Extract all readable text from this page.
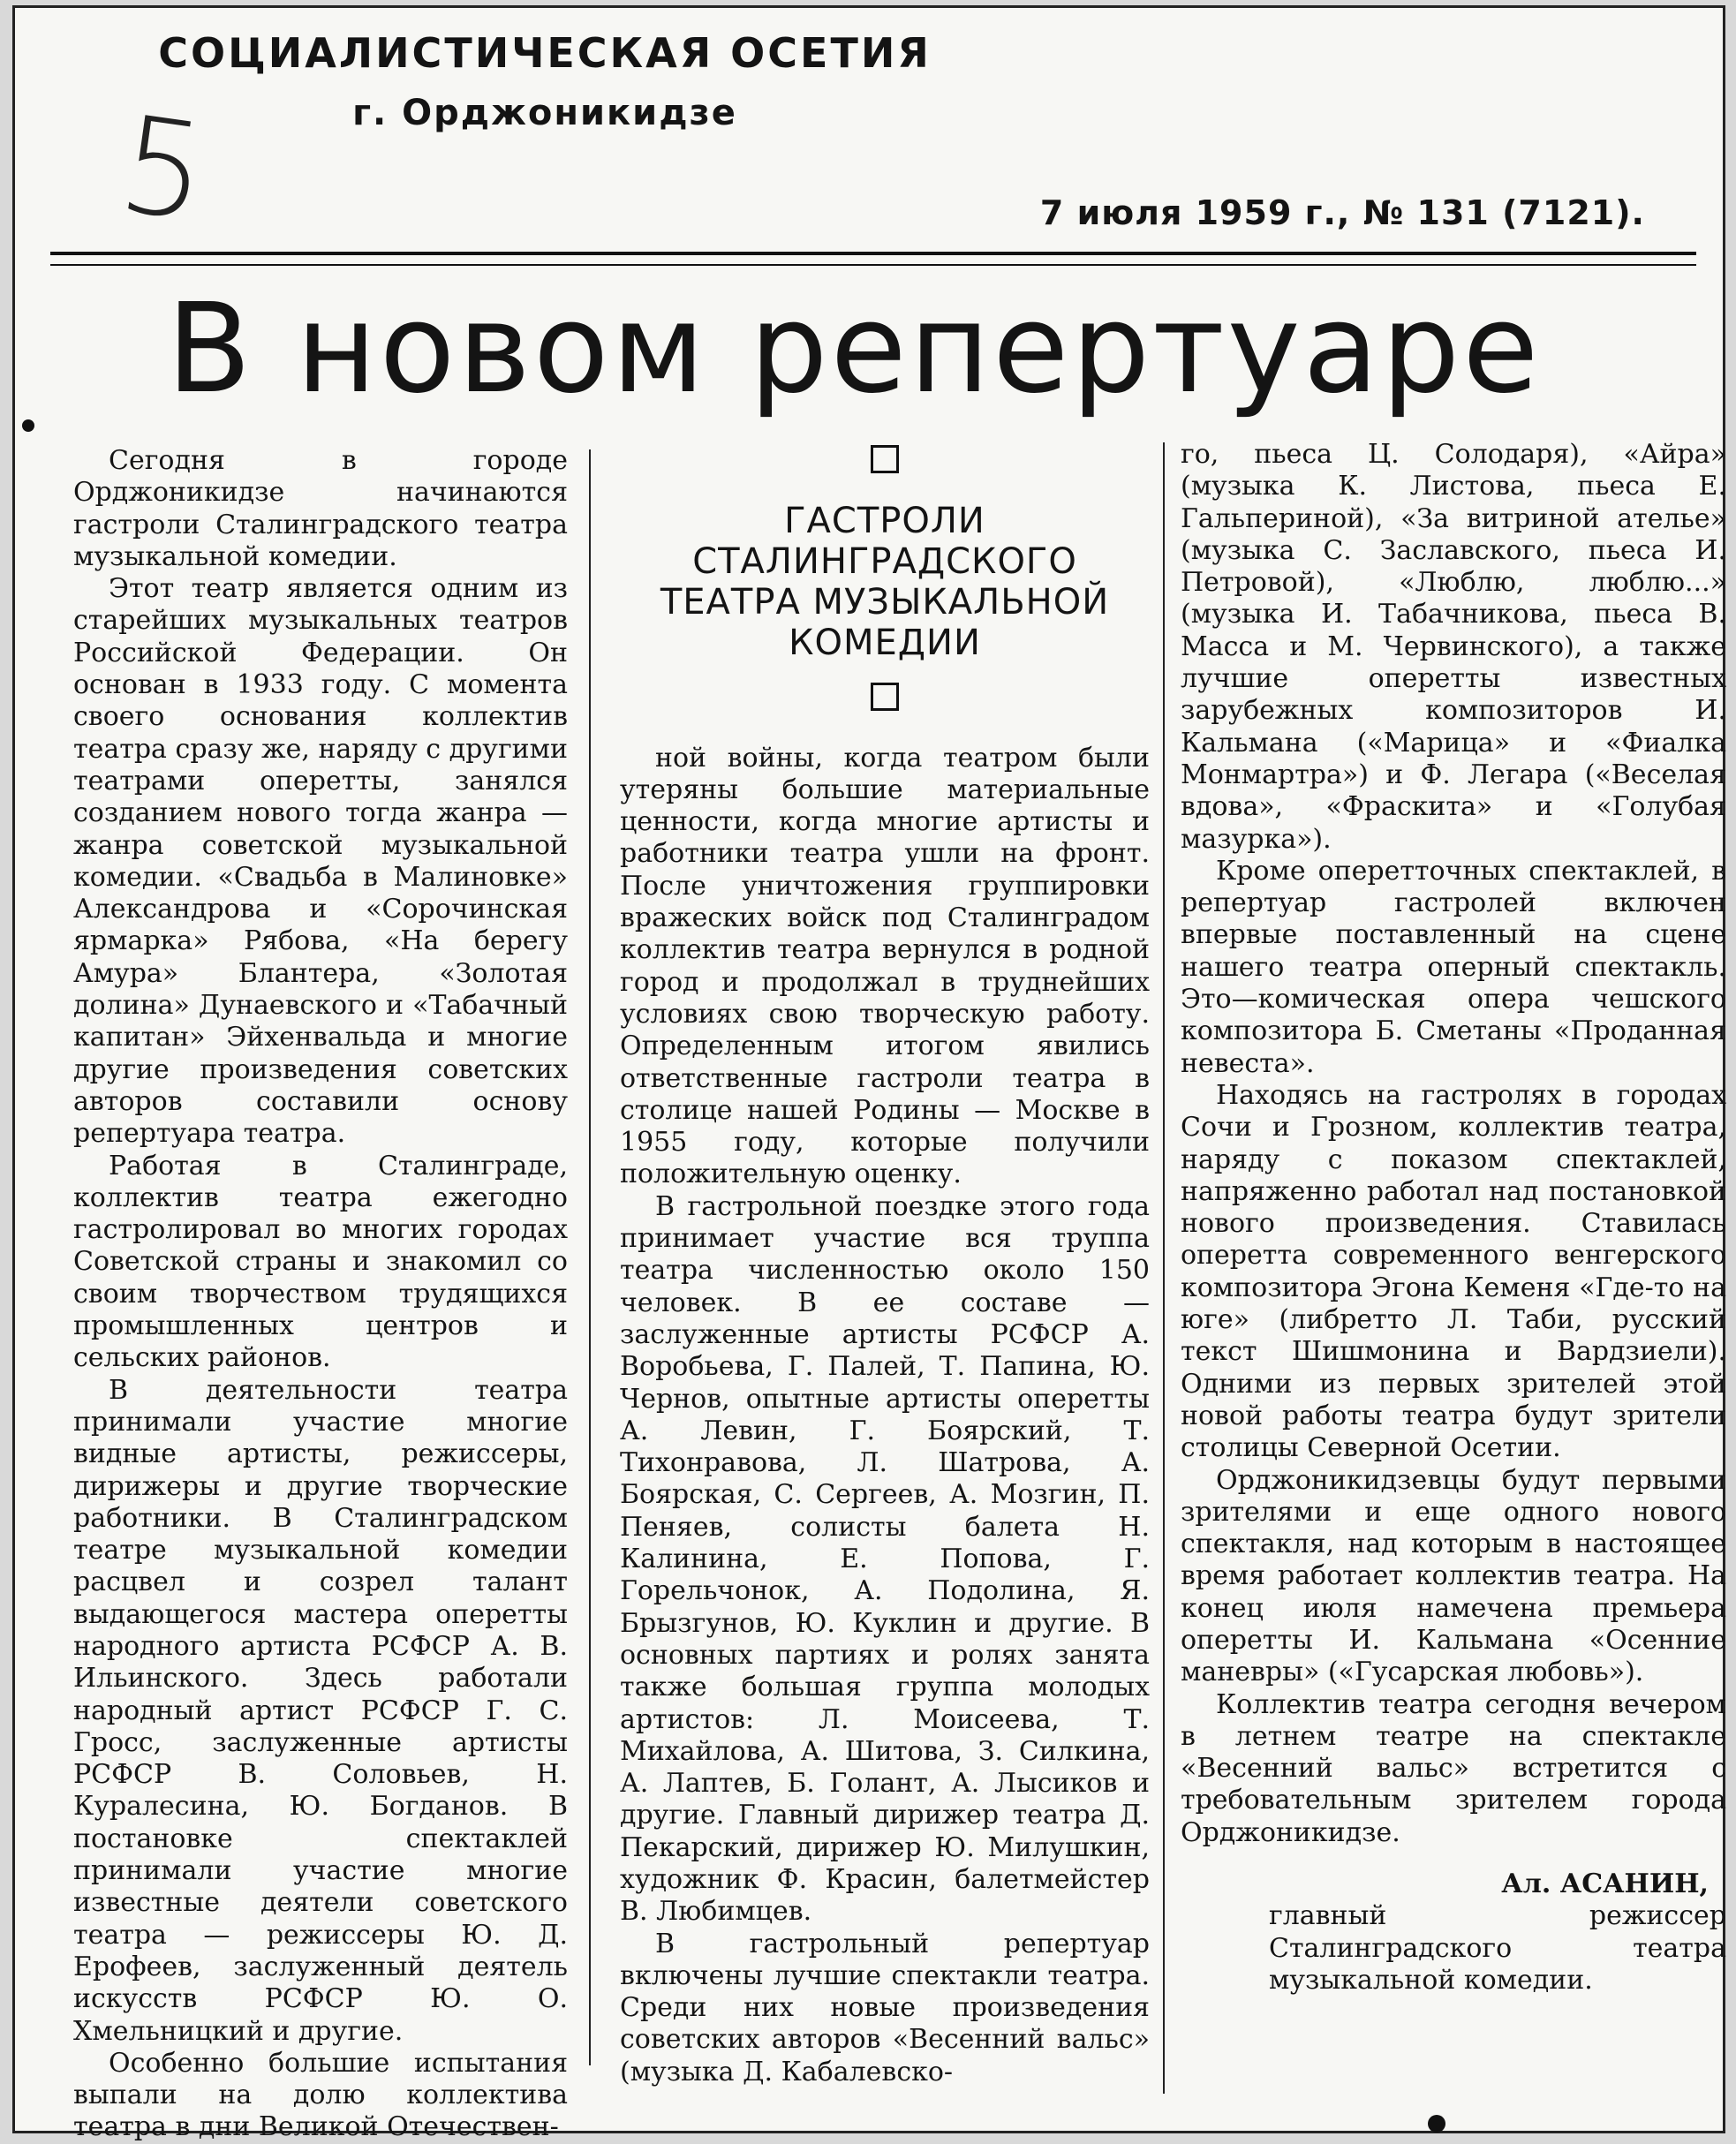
5
СОЦИАЛИСТИЧЕСКАЯ ОСЕТИЯ
г. Орджоникидзе
7 июля 1959 г., № 131 (7121).
В новом репертуаре

Сегодня в городе Орджоникидзе начинаются гастроли Сталинградского театра музыкальной комедии.

Этот театр является одним из старейших музыкальных театров Российской Федерации. Он основан в 1933 году. С момента своего основания коллектив театра сразу же, наряду с другими театрами оперетты, занялся созданием нового тогда жанра — жанра советской музыкальной комедии. «Свадьба в Малиновке» Александрова и «Сорочинская ярмарка» Рябова, «На берегу Амура» Блантера, «Золотая долина» Дунаевского и «Табачный капитан» Эйхенвальда и многие другие произведения советских авторов составили основу репертуара театра.

Работая в Сталинграде, коллектив театра ежегодно гастролировал во многих городах Советской страны и знакомил со своим творчеством трудящихся промышленных центров и сельских районов.

В деятельности театра принимали участие многие видные артисты, режиссеры, дирижеры и другие творческие работники. В Сталинградском театре музыкальной комедии расцвел и созрел талант выдающегося мастера оперетты народного артиста РСФСР А. В. Ильинского. Здесь работали народный артист РСФСР Г. С. Гросс, заслуженные артисты РСФСР В. Соловьев, Н. Куралесина, Ю. Богданов. В постановке спектаклей принимали участие многие известные деятели советского театра — режиссеры Ю. Д. Ерофеев, заслуженный деятель искусств РСФСР Ю. О. Хмельницкий и другие.

Особенно большие испытания выпали на долю коллектива театра в дни Великой Отечествен-

ГАСТРОЛИ СТАЛИНГРАДСКОГО ТЕАТРА МУЗЫКАЛЬНОЙ КОМЕДИИ

ной войны, когда театром были утеряны большие материальные ценности, когда многие артисты и работники театра ушли на фронт. После уничтожения группировки вражеских войск под Сталинградом коллектив театра вернулся в родной город и продолжал в труднейших условиях свою творческую работу. Определенным итогом явились ответственные гастроли театра в столице нашей Родины — Москве в 1955 году, которые получили положительную оценку.

В гастрольной поездке этого года принимает участие вся труппа театра численностью около 150 человек. В ее составе — заслуженные артисты РСФСР А. Воробьева, Г. Палей, Т. Папина, Ю. Чернов, опытные артисты оперетты А. Левин, Г. Боярский, Т. Тихонравова, Л. Шатрова, А. Боярская, С. Сергеев, А. Мозгин, П. Пеняев, солисты балета Н. Калинина, Е. Попова, Г. Горельчонок, А. Подолина, Я. Брызгунов, Ю. Куклин и другие. В основных партиях и ролях занята также большая группа молодых артистов: Л. Моисеева, Т. Михайлова, А. Шитова, З. Силкина, А. Лаптев, Б. Голант, А. Лысиков и другие. Главный дирижер театра Д. Пекарский, дирижер Ю. Милушкин, художник Ф. Красин, балетмейстер В. Любимцев.

В гастрольный репертуар включены лучшие спектакли театра. Среди них новые произведения советских авторов «Весенний вальс» (музыка Д. Кабалевско-

го, пьеса Ц. Солодаря), «Айра» (музыка К. Листова, пьеса Е. Гальпериной), «За витриной ателье» (музыка С. Заславского, пьеса И. Петровой), «Люблю, люблю...» (музыка И. Табачникова, пьеса В. Масса и М. Червинского), а также лучшие оперетты известных зарубежных композиторов И. Кальмана («Марица» и «Фиалка Монмартра») и Ф. Легара («Веселая вдова», «Фраскита» и «Голубая мазурка»).

Кроме оперетточных спектаклей, в репертуар гастролей включен впервые поставленный на сцене нашего театра оперный спектакль. Это—комическая опера чешского композитора Б. Сметаны «Проданная невеста».

Находясь на гастролях в городах Сочи и Грозном, коллектив театра, наряду с показом спектаклей, напряженно работал над постановкой нового произведения. Ставилась оперетта современного венгерского композитора Эгона Кеменя «Где-то на юге» (либретто Л. Таби, русский текст Шишмонина и Вардзиели). Одними из первых зрителей этой новой работы театра будут зрители столицы Северной Осетии.

Орджоникидзевцы будут первыми зрителями и еще одного нового спектакля, над которым в настоящее время работает коллектив театра. На конец июля намечена премьера оперетты И. Кальмана «Осенние маневры» («Гусарская любовь»).

Коллектив театра сегодня вечером в летнем театре на спектакле «Весенний вальс» встретится с требовательным зрителем города Орджоникидзе.

Ал. АСАНИН,

главный режиссер Сталинградского театра музыкальной комедии.
